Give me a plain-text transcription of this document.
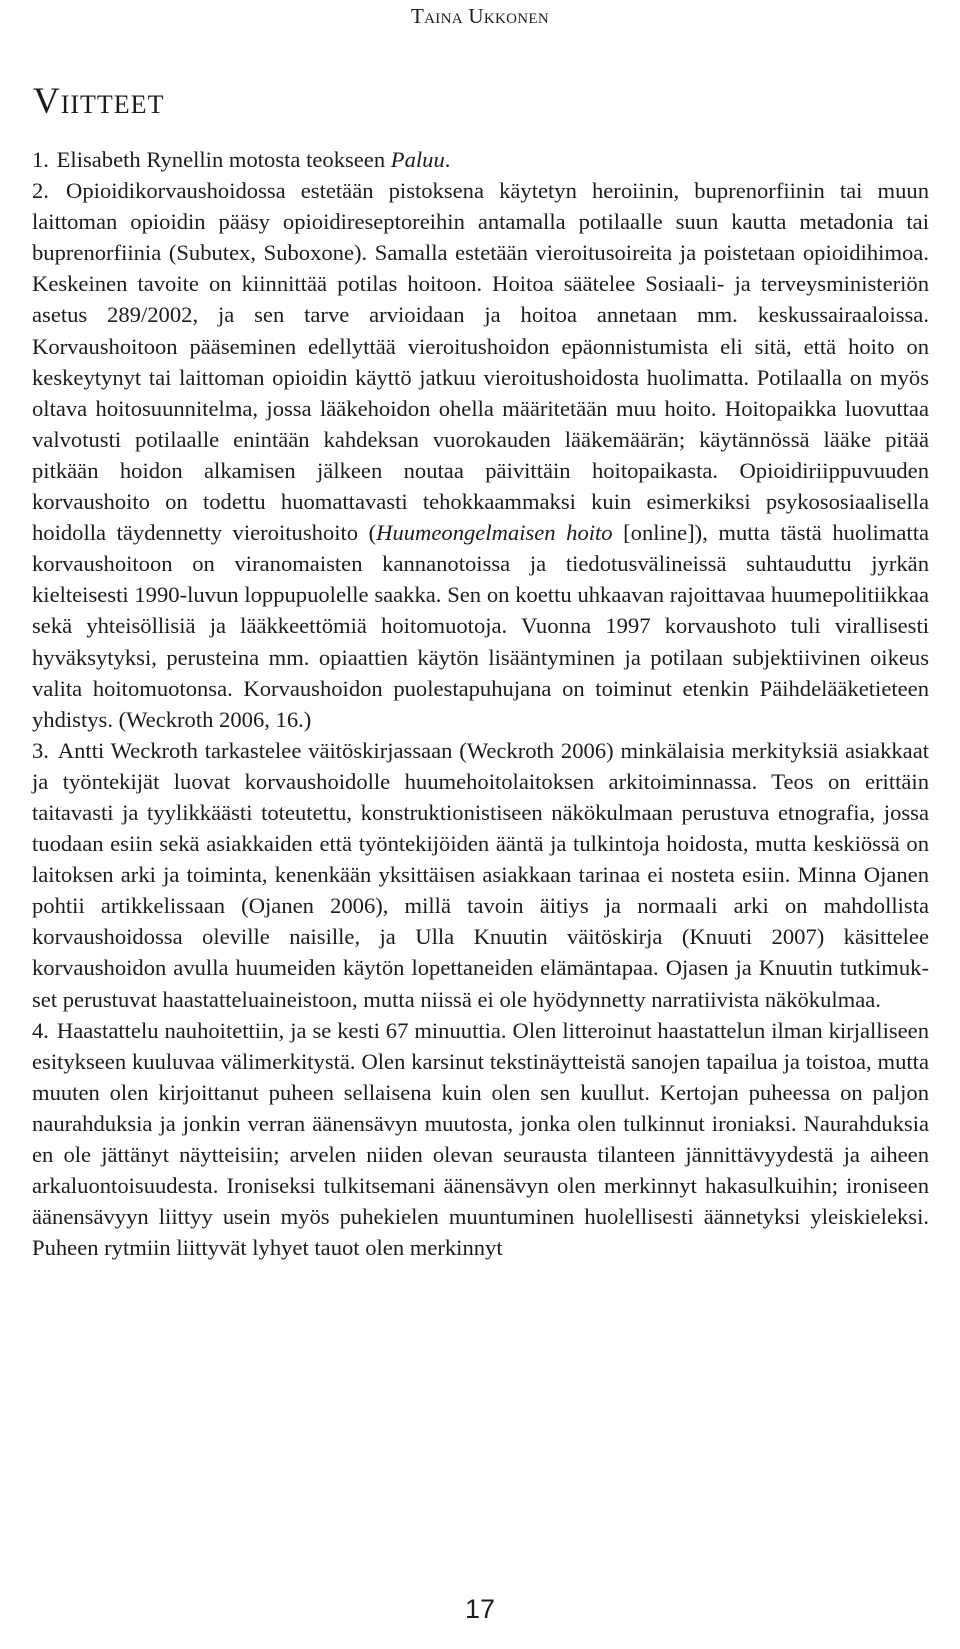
Taina Ukkonen
Viitteet

1. Elisabeth Rynellin motosta teokseen Paluu.

2. Opioidikorvaushoidossa estetään pistoksena käytetyn heroiinin, buprenorfiinin tai muun laittoman opioidin pääsy opioidireseptoreihin antamalla potilaalle suun kautta metadonia tai buprenorfiinia (Subutex, Suboxone). Samalla estetään vieroitusoireita ja poistetaan opioidihimoa. Keskeinen tavoite on kiinnittää potilas hoitoon. Hoitoa säätelee Sosiaali- ja terveysministeriön asetus 289/2002, ja sen tarve arvioidaan ja hoitoa annetaan mm. keskussairaaloissa. Korvaushoitoon pääseminen edellyttää vieroitushoidon epäonnistumista eli sitä, että hoito on keskeytynyt tai laittoman opioidin käyttö jatkuu vieroitushoidosta huolimatta. Potilaalla on myös oltava hoitosuunnitelma, jossa lääkehoidon ohella määritetään muu hoito. Hoitopaikka luovuttaa valvotusti potilaalle enintään kahdeksan vuorokauden lääkemäärän; käytännössä lääke pitää pitkään hoidon alkamisen jälkeen noutaa päivittäin hoitopaikasta. Opioidiriippuvuuden korvaushoito on todettu huomattavasti tehokkaammaksi kuin esimerkiksi psykososiaalisella hoidolla täydennetty vieroitushoito (Huumeongelmaisen hoito [online]), mutta tästä huolimatta korvaushoitoon on viranomaisten kannanotoissa ja tiedotusvälineissä suhtauduttu jyrkän kielteisesti 1990-luvun loppupuolelle saakka. Sen on koettu uhkaavan rajoittavaa huumepolitiikkaa sekä yhteisöllisiä ja lääkkeettömiä hoitomuotoja. Vuonna 1997 korvaushoto tuli virallisesti hyväksytyksi, perusteina mm. opiaattien käytön lisääntyminen ja potilaan subjektiivinen oikeus valita hoitomuotonsa. Korvaushoidon puolestapuhujana on toiminut etenkin Päihdelääketieteen yhdistys. (Weckroth 2006, 16.)

3. Antti Weckroth tarkastelee väitöskirjassaan (Weckroth 2006) minkälaisia merkityksiä asiakkaat ja työntekijät luovat korvaushoidolle huumehoitolaitoksen arkitoiminnassa. Teos on erittäin taitavasti ja tyylikkäästi toteutettu, konstruktionistiseen näkökulmaan perustuva etnografia, jossa tuodaan esiin sekä asiakkaiden että työntekijöiden ääntä ja tulkintoja hoidosta, mutta keskiössä on laitoksen arki ja toiminta, kenenkään yksittäisen asiakkaan tarinaa ei nosteta esiin. Minna Ojanen pohtii artikkelissaan (Ojanen 2006), millä tavoin äitiys ja normaali arki on mahdollista korvaushoidossa oleville naisille, ja Ulla Knuutin väitöskirja (Knuuti 2007) käsittelee korvaushoidon avulla huumeiden käytön lopettaneiden elämäntapaa. Ojasen ja Knuutin tutkimukset perustuvat haastatteluaineistoon, mutta niissä ei ole hyödynnetty narratiivista näkökulmaa.

4. Haastattelu nauhoitettiin, ja se kesti 67 minuuttia. Olen litteroinut haastattelun ilman kirjalliseen esitykseen kuuluvaa välimerkitystä. Olen karsinut tekstinäytteistä sanojen tapailua ja toistoa, mutta muuten olen kirjoittanut puheen sellaisena kuin olen sen kuullut. Kertojan puheessa on paljon naurahduksia ja jonkin verran äänensävyn muutosta, jonka olen tulkinnut ironiaksi. Naurahduksia en ole jättänyt näytteisiin; arvelen niiden olevan seurausta tilanteen jännittävyydestä ja aiheen arkaluontoisuudesta. Ironiseksi tulkitsemani äänensävyn olen merkinnyt hakasulkuihin; ironiseen äänensävyyn liittyy usein myös puhekielen muuntuminen huolellisesti äännetyksi yleiskieleksi. Puheen rytmiin liittyvät lyhyet tauot olen merkinnyt

17
